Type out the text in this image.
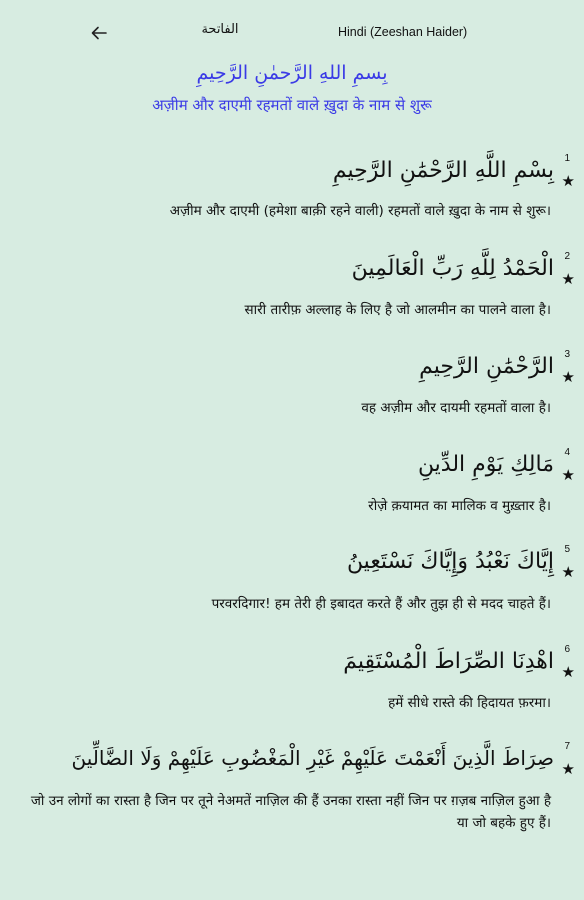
الفاتحة	Hindi (Zeeshan Haider)
بِسمِ اللهِ الرَّحمٰنِ الرَّحِيمِ
अज़ीम और दाएमी रहमतों वाले ख़ुदा के नाम से शुरू
1
★
بِسْمِ اللَّهِ الرَّحْمَٰنِ الرَّحِيمِ
अज़ीम और दाएमी (हमेशा बाक़ी रहने वाली) रहमतों वाले ख़ुदा के नाम से शुरू।
2
★
الْحَمْدُ لِلَّهِ رَبِّ الْعَالَمِينَ
सारी तारीफ़ अल्लाह के लिए है जो आलमीन का पालने वाला है।
3
★
الرَّحْمَٰنِ الرَّحِيمِ
वह अज़ीम और दायमी रहमतों वाला है।
4
★
مَالِكِ يَوْمِ الدِّينِ
रोज़े क़यामत का मालिक व मुख़्तार है।
5
★
إِيَّاكَ نَعْبُدُ وَإِيَّاكَ نَسْتَعِينُ
परवरदिगार! हम तेरी ही इबादत करते हैं और तुझ ही से मदद चाहते हैं।
6
★
اهْدِنَا الصِّرَاطَ الْمُسْتَقِيمَ
हमें सीधे रास्ते की हिदायत फ़रमा।
7
★
صِرَاطَ الَّذِينَ أَنْعَمْتَ عَلَيْهِمْ غَيْرِ الْمَغْضُوبِ عَلَيْهِمْ وَلَا الضَّالِّينَ
जो उन लोगों का रास्ता है जिन पर तूने नेअमतें नाज़िल की हैं उनका रास्ता नहीं जिन पर ग़ज़ब नाज़िल हुआ है या जो बहके हुए हैं।
